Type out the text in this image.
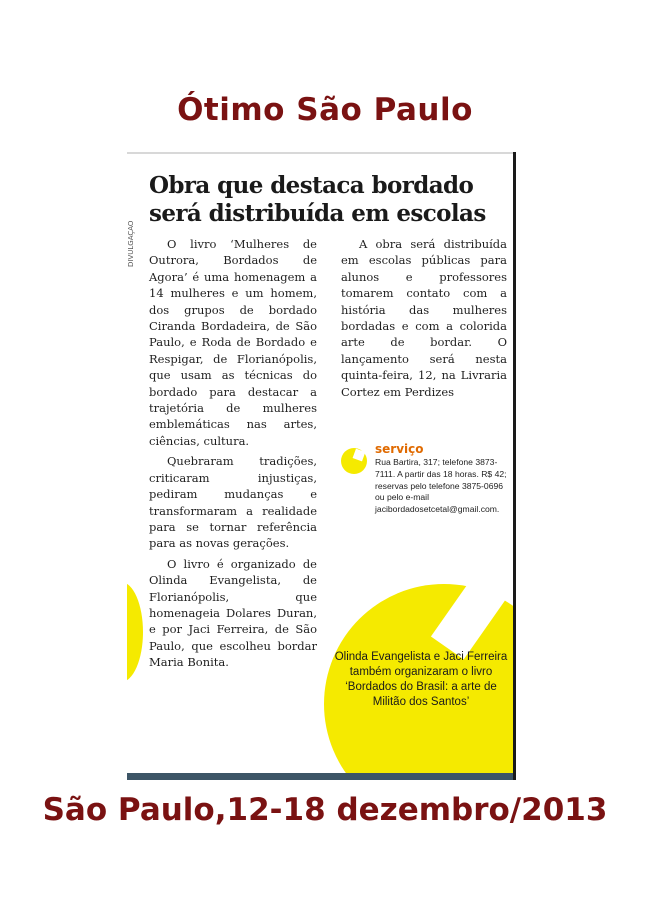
Ótimo São Paulo
DIVULGAÇÃO
Obra que destaca bordado será distribuída em escolas

O livro ‘Mulheres de Outrora, Bordados de Agora’ é uma homenagem a 14 mulheres e um homem, dos grupos de bordado Ciranda Bordadeira, de São Paulo, e Roda de Bordado e Respigar, de Florianópolis, que usam as técnicas do bordado para destacar a trajetória de mulheres emblemáticas nas artes, ciências, cultura.

Quebraram tradições, criticaram injustiças, pediram mudanças e transformaram a realidade para se tornar referência para as novas gerações.

O livro é organizado de Olinda Evangelista, de Florianópolis, que homenageia Dolares Duran, e por Jaci Ferreira, de São Paulo, que escolheu bordar Maria Bonita.

A obra será distribuída em escolas públicas para alunos e professores tomarem contato com a história das mulheres bordadas e com a colorida arte de bordar. O lançamento será nesta quinta-feira, 12, na Livraria Cortez em Perdizes

serviço
Rua Bartira, 317; telefone 3873-7111. A partir das 18 horas. R$ 42; reservas pelo telefone 3875-0696 ou pelo e-mail jacibordadosetcetal@gmail.com.
Olinda Evangelista e Jaci Ferreira também organizaram o livro ‘Bordados do Brasil: a arte de Militão dos Santos’
São Paulo,12-18 dezembro/2013
